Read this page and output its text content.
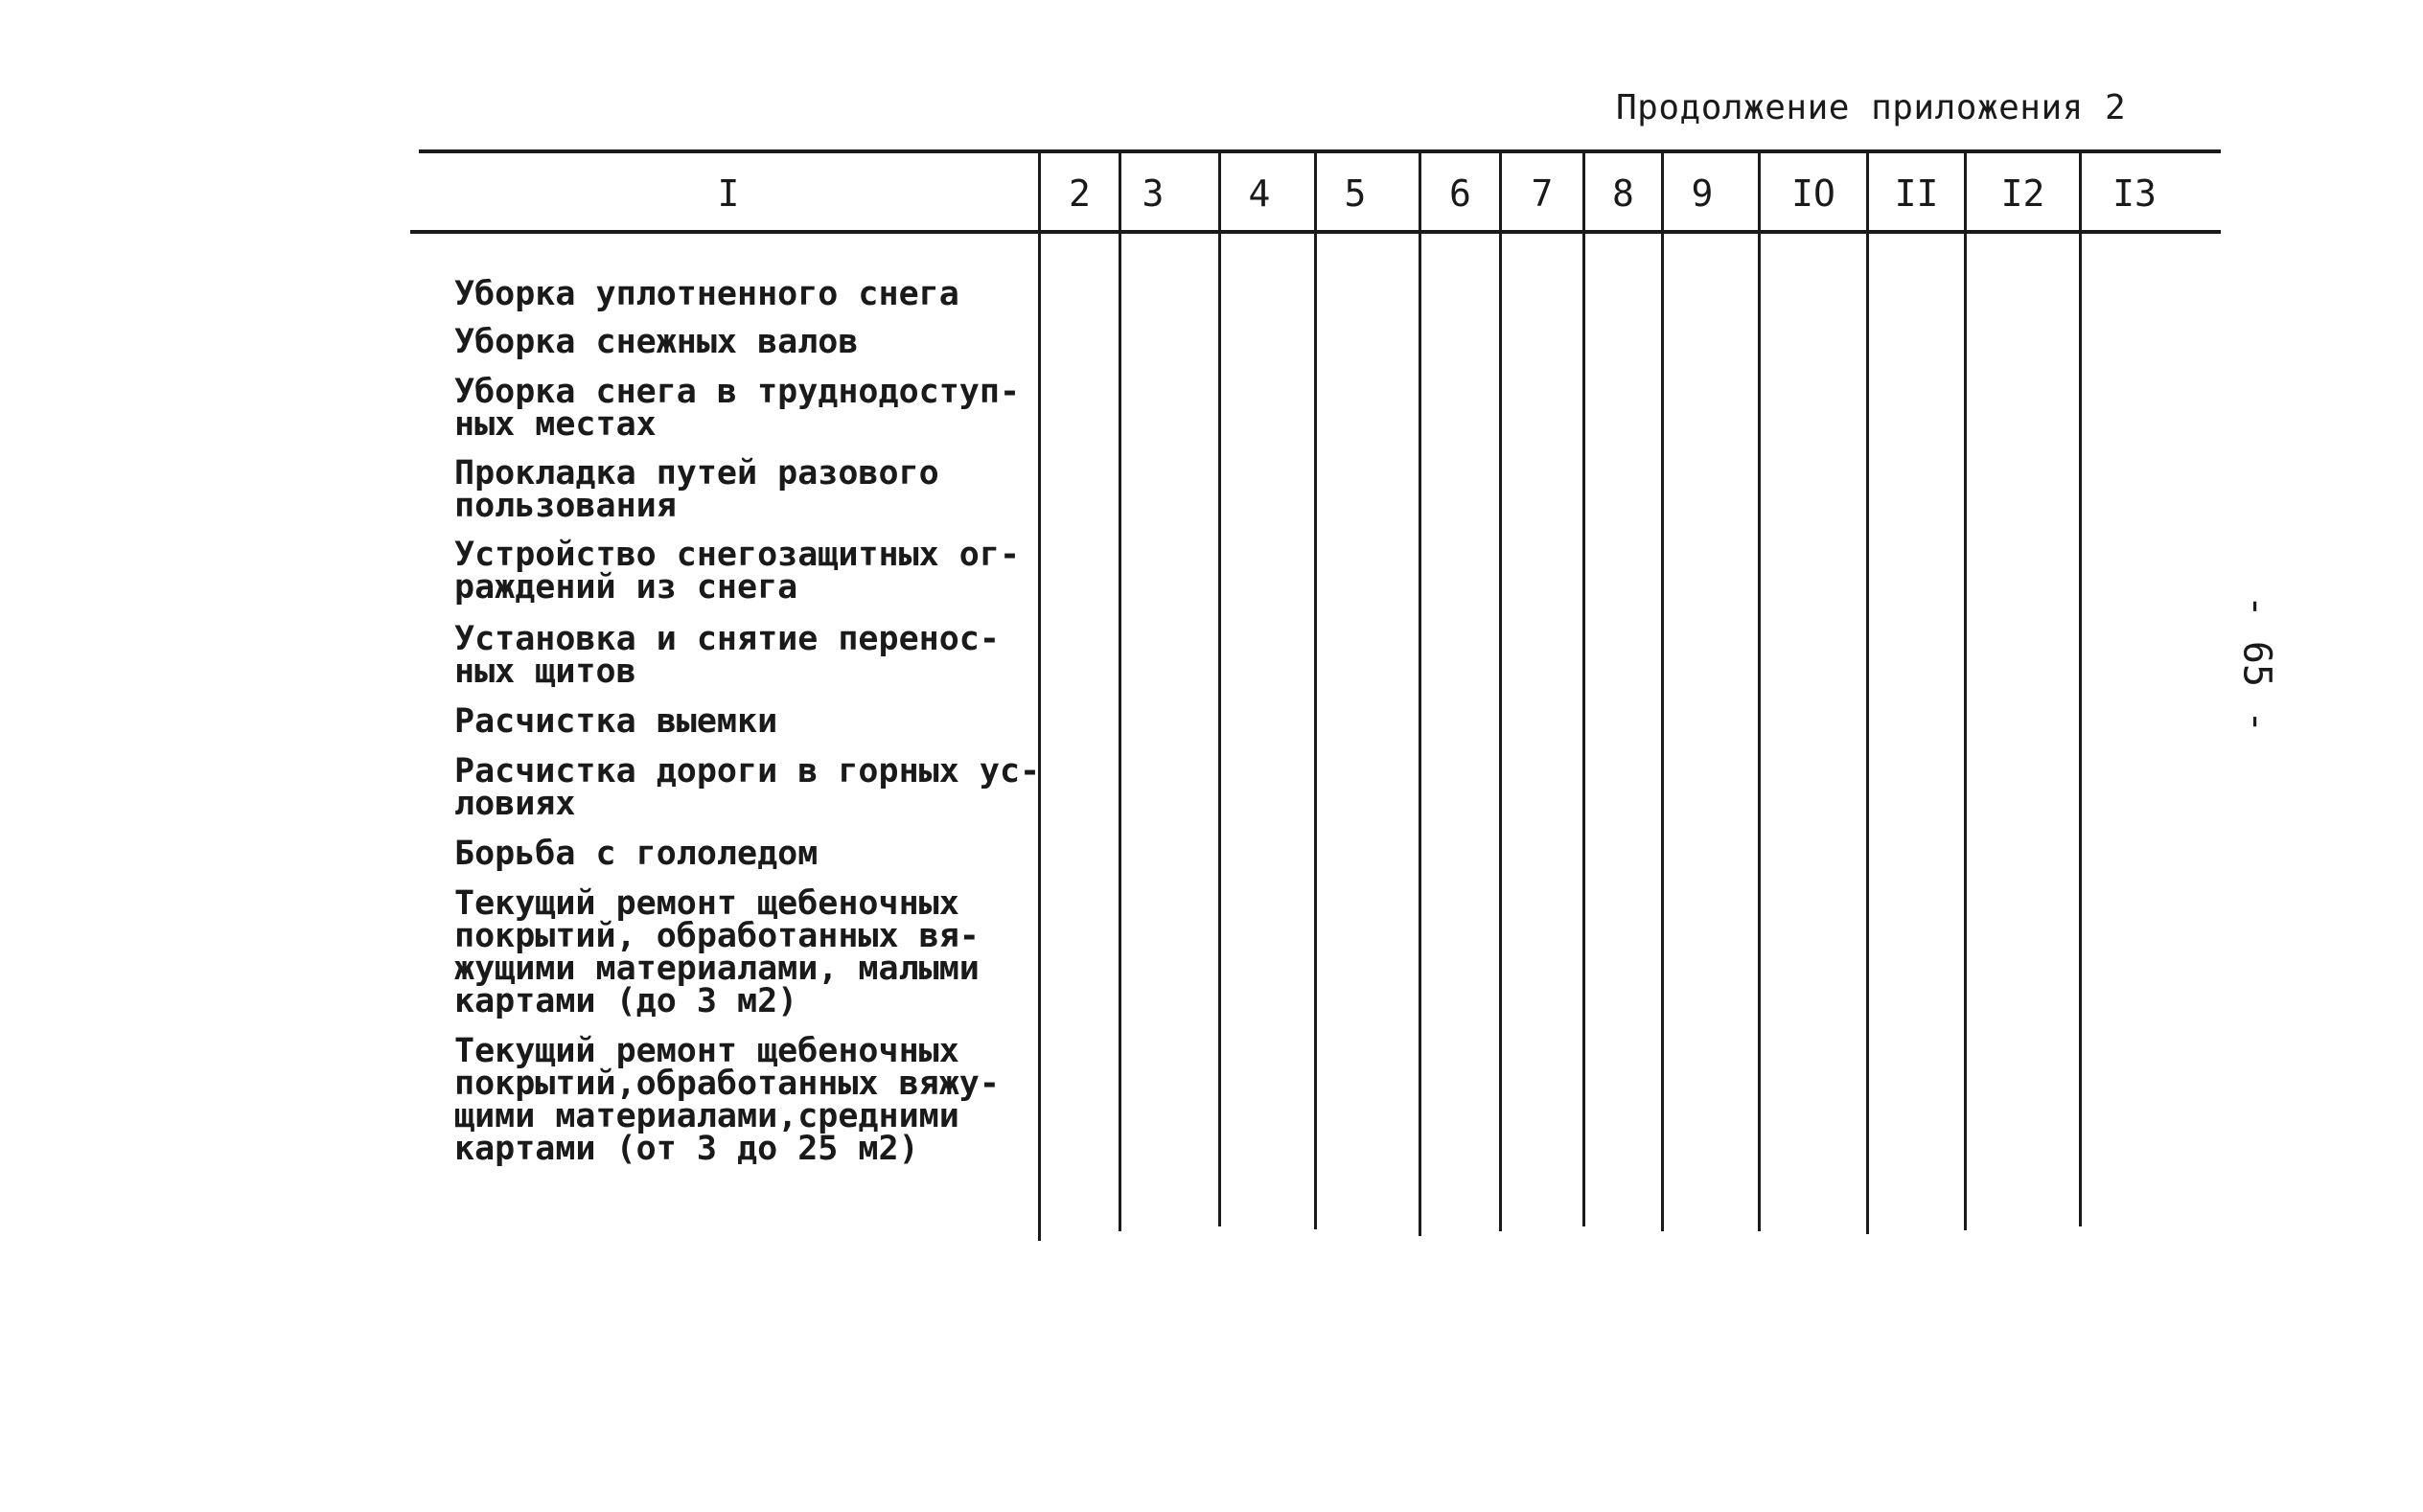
Продолжение приложения 2
- 65 -
I	2	3	4	5	6	7	8	9	IO	II	I2	I3
Уборка уплотненного снега
Уборка снежных валов
Уборка снега в труднодоступ-
ных местах
Прокладка путей разового
пользования
Устройство снегозащитных ог-
раждений из снега
Установка и снятие перенос-
ных щитов
Расчистка выемки
Расчистка дороги в горных ус-
ловиях
Борьба с гололедом
Текущий ремонт щебеночных
покрытий, обработанных вя-
жущими материалами, малыми
картами (до 3 м2)
Текущий ремонт щебеночных
покрытий,обработанных вяжу-
щими материалами,средними
картами (от 3 до 25 м2)
